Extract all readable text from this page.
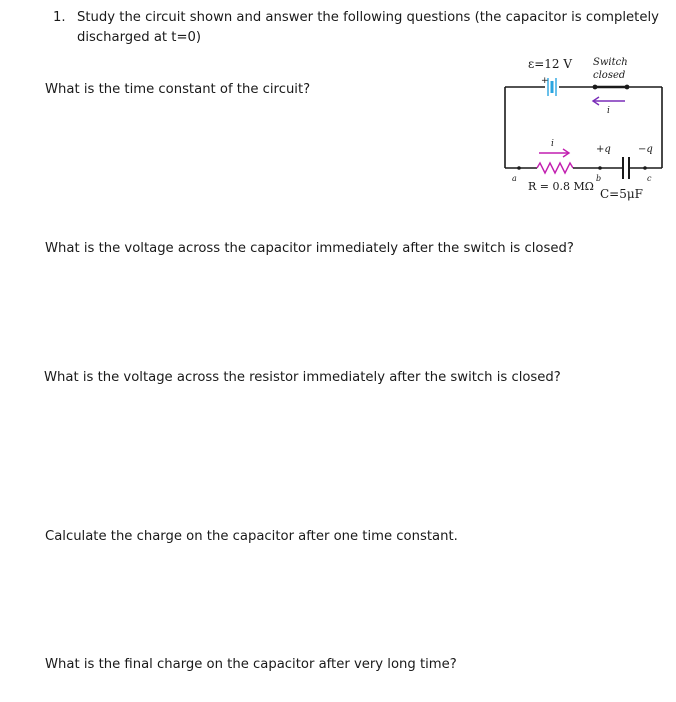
1. Study the circuit shown and answer the following questions (the capacitor is completely discharged at t=0)

What is the time constant of the circuit?

What is the voltage across the capacitor immediately after the switch is closed?

What is the voltage across the resistor immediately after the switch is closed?

Calculate the charge on the capacitor after one time constant.

What is the final charge on the capacitor after very long time?

ε=12 V Switch
closed
+
i
a
i
R = 0.8 MΩ
b
+q	−q
c
C=5μF
